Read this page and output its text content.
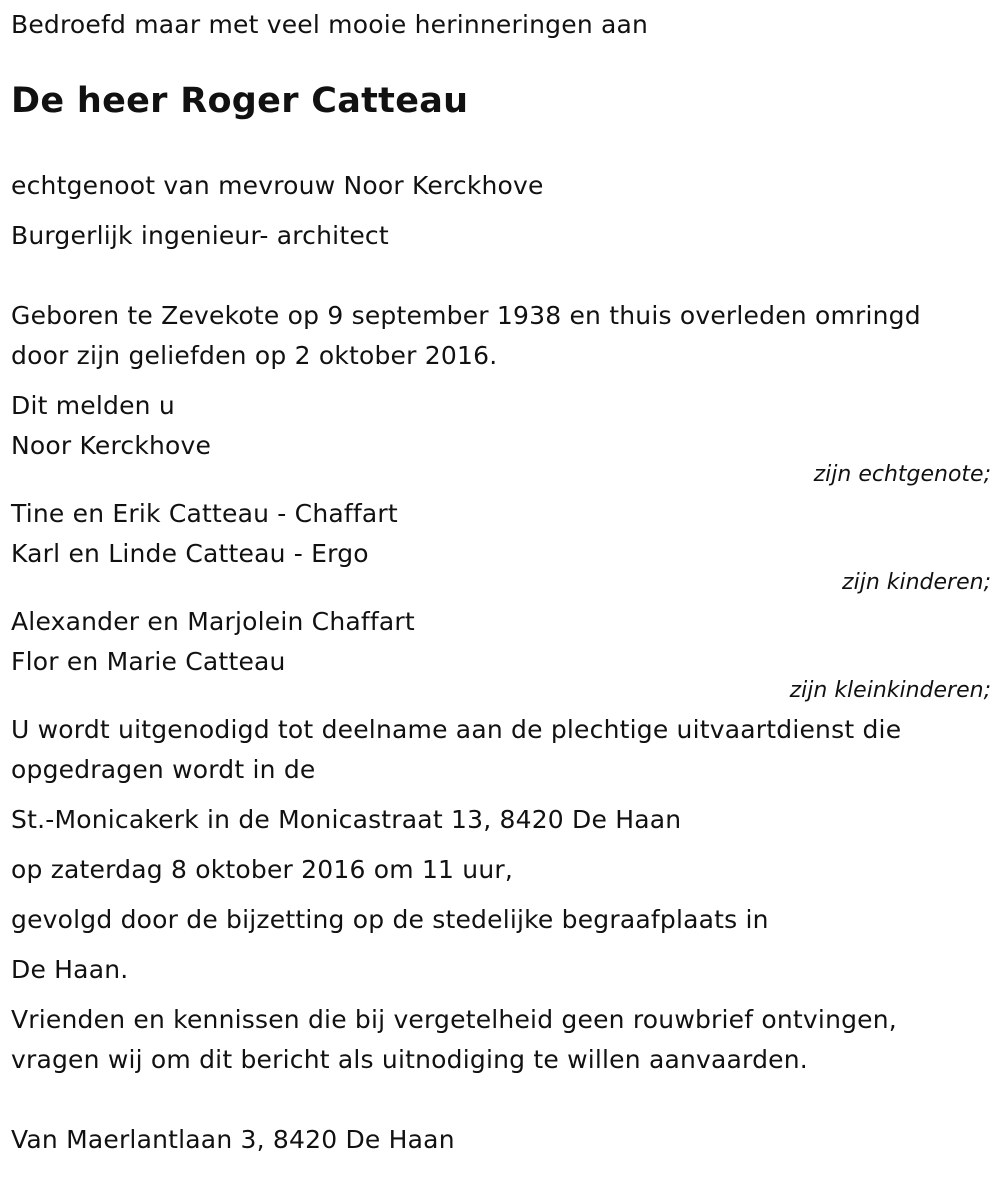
Bedroefd maar met veel mooie herinneringen aan
De heer Roger Catteau
echtgenoot van mevrouw Noor Kerckhove
Burgerlijk ingenieur- architect
Geboren te Zevekote op 9 september 1938 en thuis overleden omringd door zijn geliefden op 2 oktober 2016.
Dit melden u
Noor Kerckhove
zijn echtgenote;
Tine en Erik Catteau - Chaffart
Karl en Linde Catteau - Ergo
zijn kinderen;
Alexander en Marjolein Chaffart
Flor en Marie Catteau
zijn kleinkinderen;
U wordt uitgenodigd tot deelname aan de plechtige uitvaartdienst die opgedragen wordt in de
St.-Monicakerk in de Monicastraat 13, 8420 De Haan
op zaterdag 8 oktober 2016 om 11 uur,
gevolgd door de bijzetting op de stedelijke begraafplaats in
De Haan.
Vrienden en kennissen die bij vergetelheid geen rouwbrief ontvingen, vragen wij om dit bericht als uitnodiging te willen aanvaarden.
Van Maerlantlaan 3, 8420 De Haan
